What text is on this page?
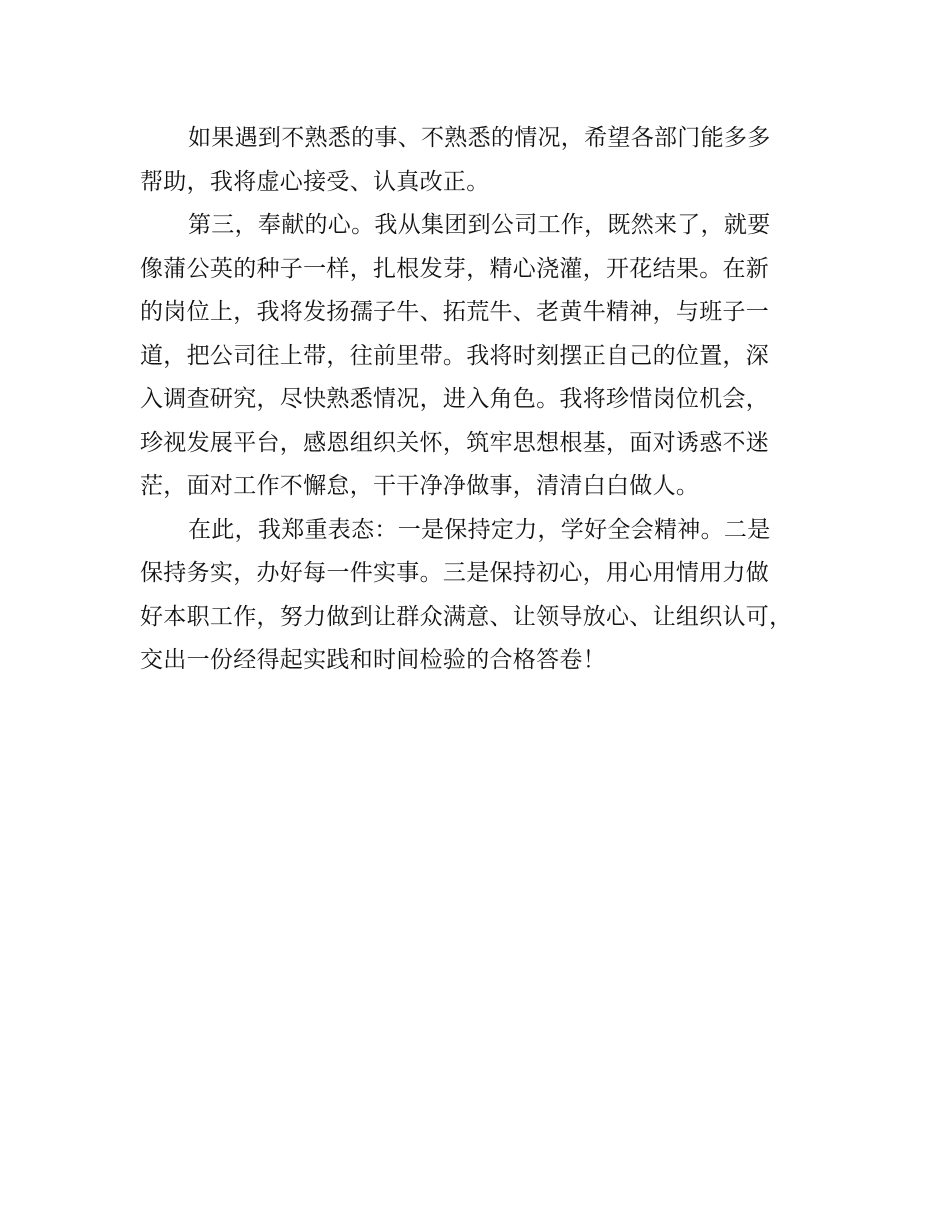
如果遇到不熟悉的事、不熟悉的情况，希望各部门能多多
帮助，我将虚心接受、认真改正。
第三，奉献的心。我从集团到公司工作，既然来了，就要
像蒲公英的种子一样，扎根发芽，精心浇灌，开花结果。在新
的岗位上，我将发扬孺子牛、拓荒牛、老黄牛精神，与班子一
道，把公司往上带，往前里带。我将时刻摆正自己的位置，深
入调查研究，尽快熟悉情况，进入角色。我将珍惜岗位机会，
珍视发展平台，感恩组织关怀，筑牢思想根基，面对诱惑不迷
茫，面对工作不懈怠，干干净净做事，清清白白做人。
在此，我郑重表态：一是保持定力，学好全会精神。二是
保持务实，办好每一件实事。三是保持初心，用心用情用力做
好本职工作，努力做到让群众满意、让领导放心、让组织认可，
交出一份经得起实践和时间检验的合格答卷！
